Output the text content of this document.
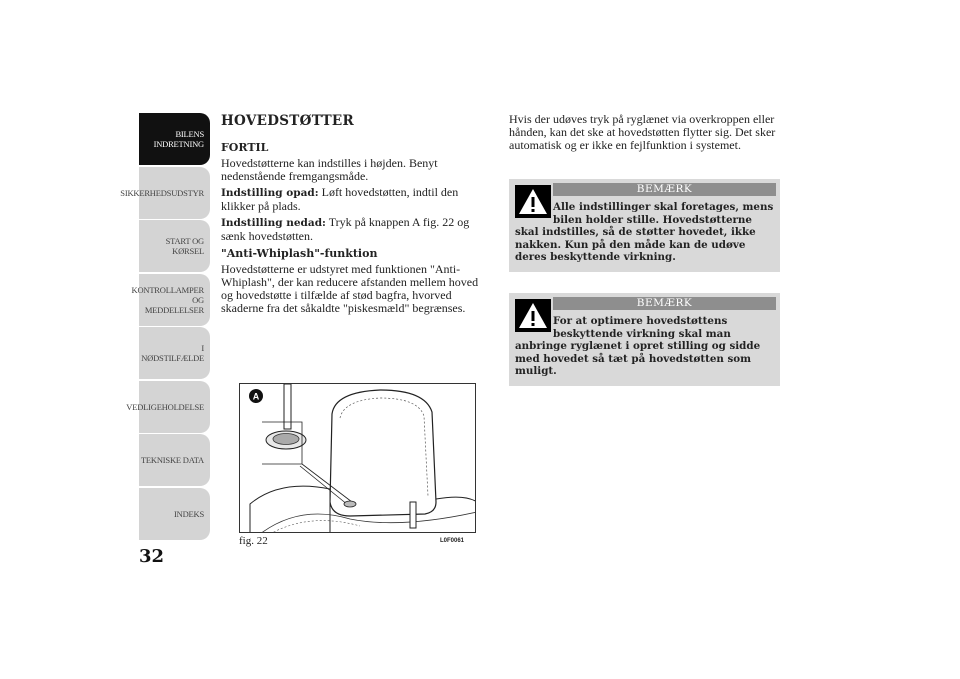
BILENS
INDRETNING
SIKKERHEDSUDSTYR
START OG KØRSEL
KONTROLLAMPER
OG MEDDELELSER
I NØDSTILFÆLDE
VEDLIGEHOLDELSE
TEKNISKE DATA
INDEKS
32
HOVEDSTØTTER
FORTIL

Hovedstøtterne kan indstilles i højden. Benyt nedenstående fremgangsmåde.

Indstilling opad: Løft hovedstøtten, indtil den klikker på plads.

Indstilling nedad: Tryk på knappen A fig. 22 og sænk hovedstøtten.

"Anti-Whiplash"-funktion

Hovedstøtterne er udstyret med funktionen "Anti-Whiplash", der kan reducere afstanden mellem hoved og hovedstøtte i tilfælde af stød bagfra, hvorved skaderne fra det såkaldte "piskesmæld" begrænses.

A
fig. 22	L0F0061

Hvis der udøves tryk på ryglænet via overkroppen eller hånden, kan det ske at hovedstøtten flytter sig. Det sker automatisk og er ikke en fejlfunktion i systemet.

BEMÆRK
Alle indstillinger skal foretages, mens bilen holder stille. Hovedstøtterne
skal indstilles, så de støtter hovedet, ikke nakken. Kun på den måde kan de udøve deres beskyttende virkning.
BEMÆRK
For at optimere hovedstøttens beskyttende virkning skal man
anbringe ryglænet i opret stilling og sidde med hovedet så tæt på hovedstøtten som muligt.
